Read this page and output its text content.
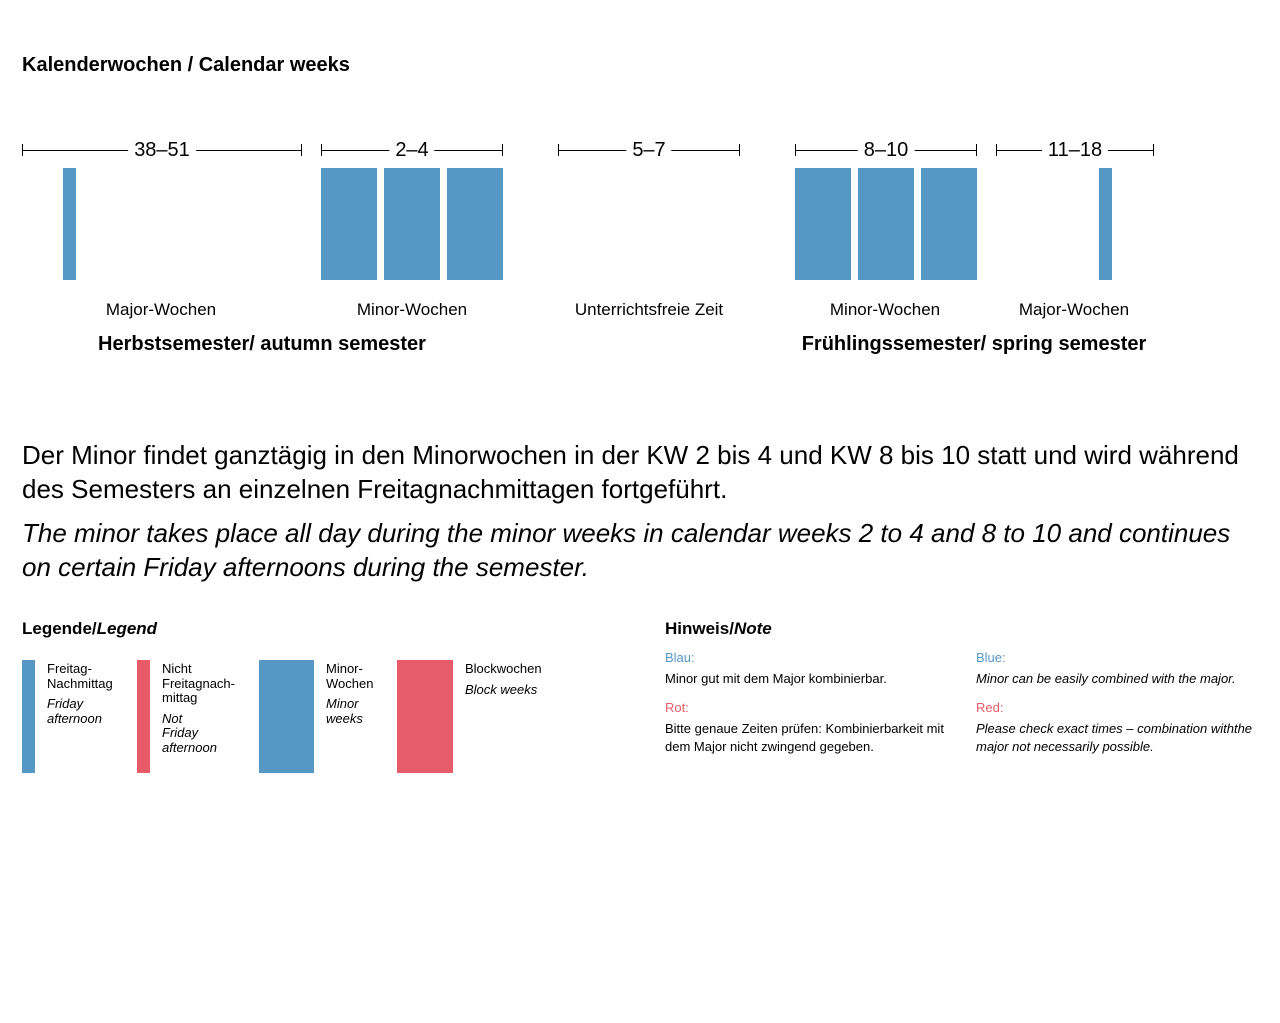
Kalenderwochen / Calendar weeks
38–51	2–4	5–7	8–10	11–18
Major-Wochen	Minor-Wochen	Unterrichtsfreie Zeit	Minor-Wochen	Major-Wochen
Herbstsemester/ autumn semester	Frühlingssemester/ spring semester
Der Minor findet ganztägig in den Minorwochen in der KW 2 bis 4 und KW 8 bis 10 statt und wird während des Semesters an einzelnen Freitagnachmittagen fortgeführt.
The minor takes place all day during the minor weeks in calendar weeks 2 to 4 and 8 to 10 and continues on certain Friday afternoons during the semester.
Legende/Legend
Freitag-
Nachmittag
Friday
afternoon
Nicht
Freitagnach-
mittag
Not
Friday
afternoon
Minor-
Wochen
Minor
weeks
Blockwochen
Block weeks
Hinweis/Note
Blau:
Minor gut mit dem Major kombinierbar.
Rot:
Bitte genaue Zeiten prüfen: Kombinierbarkeit mit dem Major nicht zwingend gegeben.
Blue:
Minor can be easily combined with the major.
Red:
Please check exact times – combination withthe major not necessarily possible.
